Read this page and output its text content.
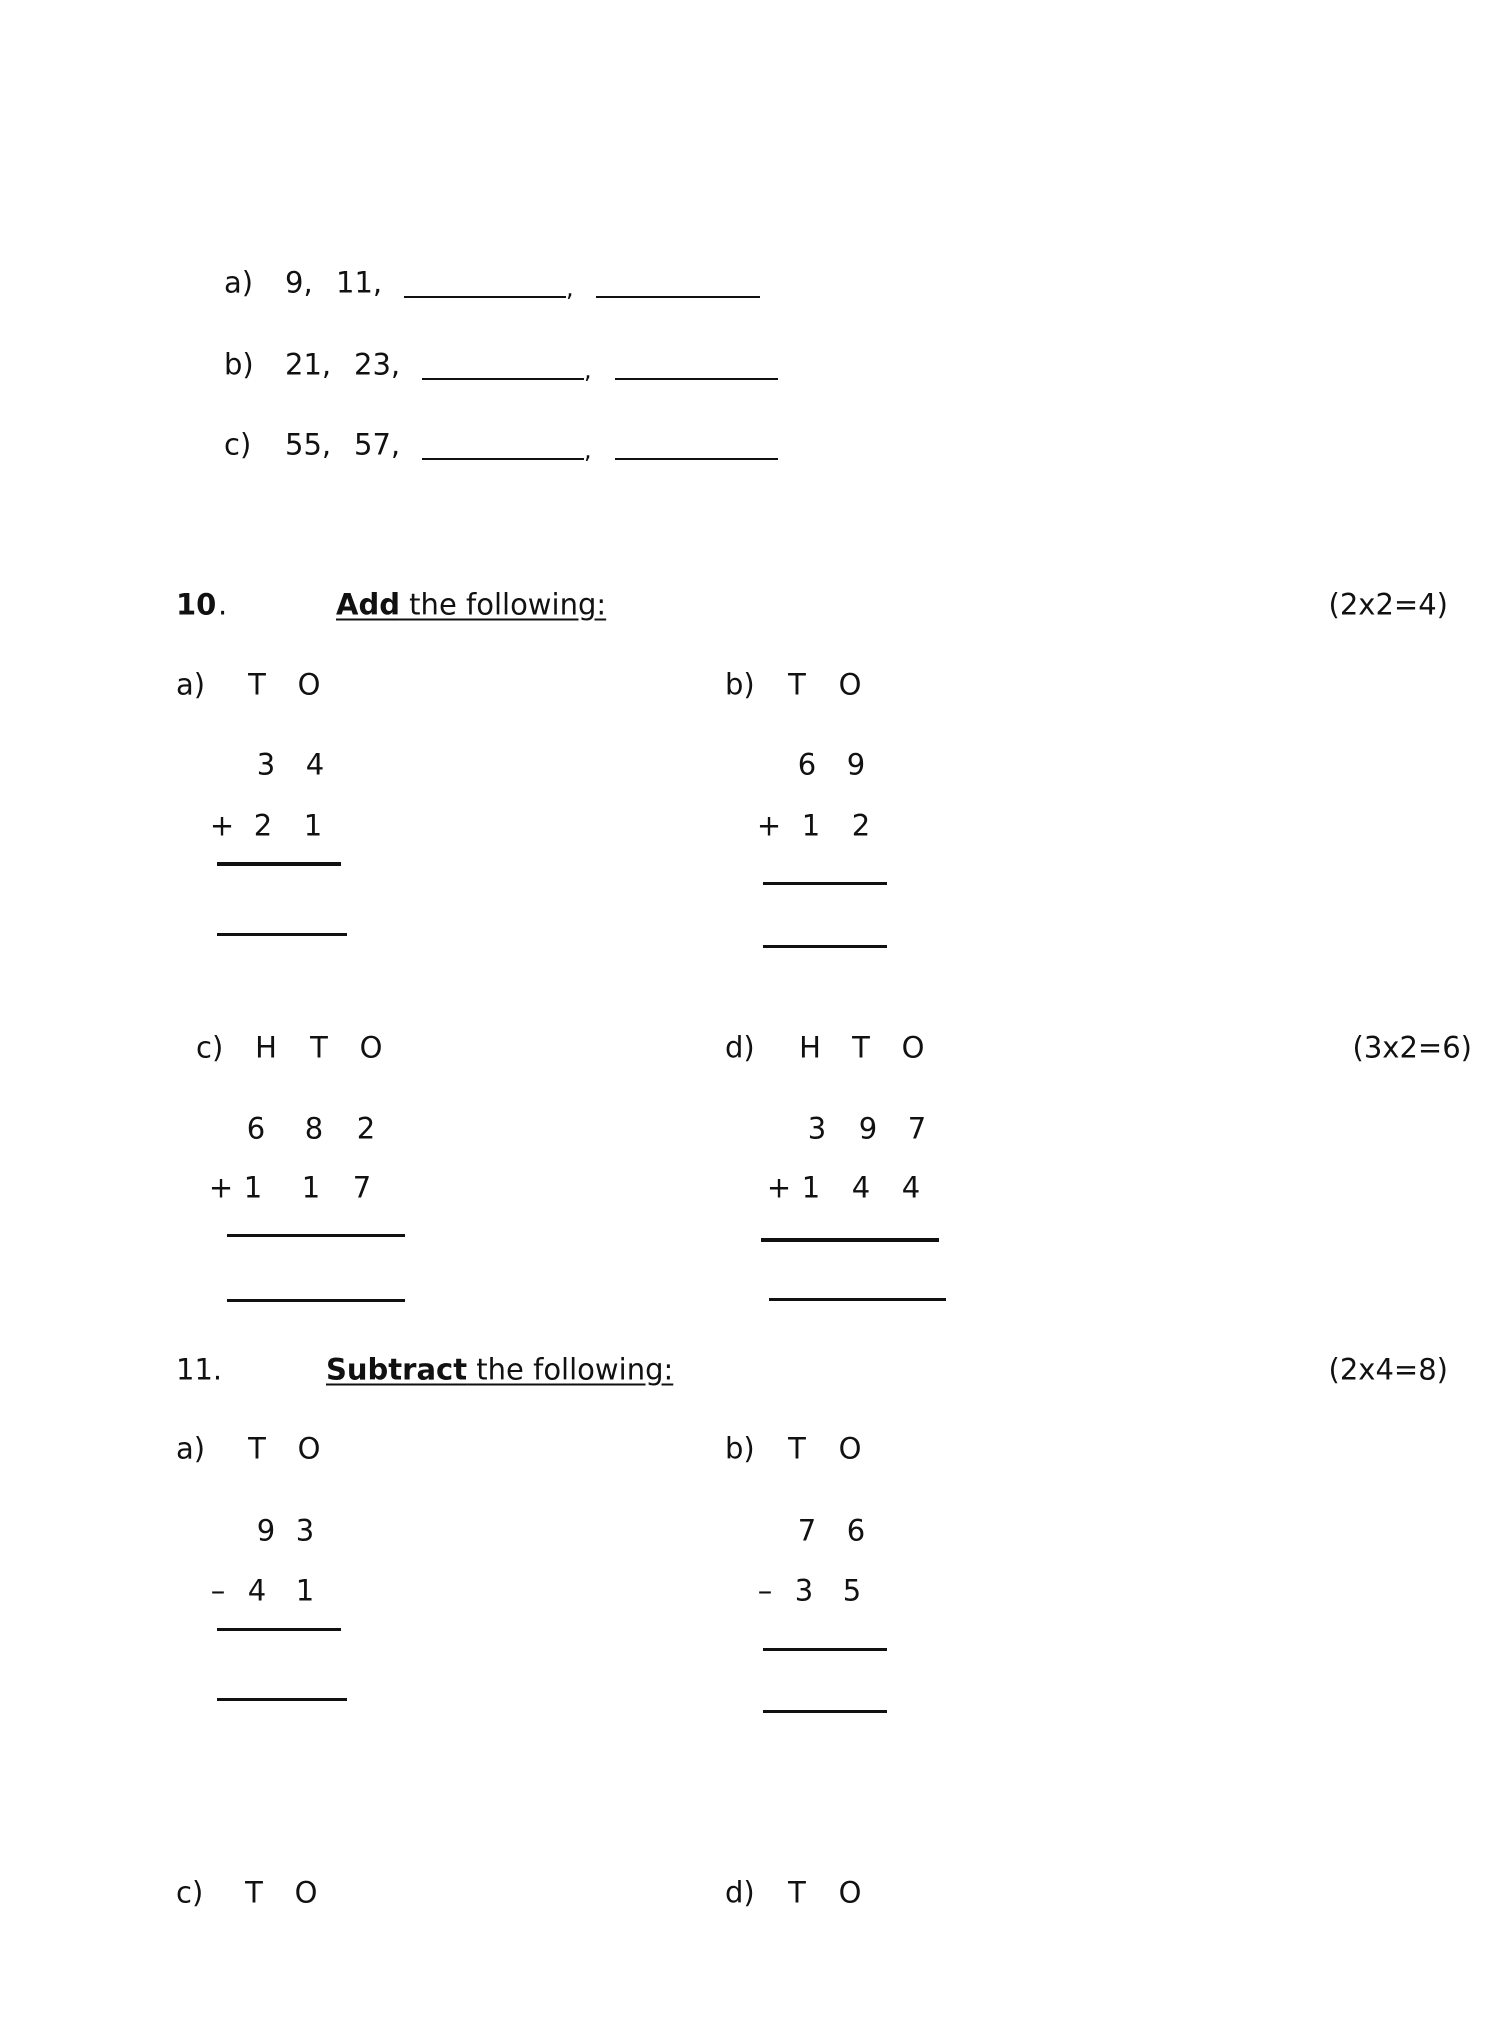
a) 9, 11,	,
b) 21, 23,	,
c) 55, 57,	,
10 .	Add the following:	(2x2=4)
a) T O
3 4
+ 2 1
b) T O
6 9
+ 1 2
c) H T O
6 8 2
+ 1 1 7
d) H T O	(3x2=6)
3 9 7
+ 1 4 4
11.	Subtract the following:	(2x4=8)
a) T O
9 3
– 4 1
b) T O
7 6
– 3 5
c) T O	d) T O
